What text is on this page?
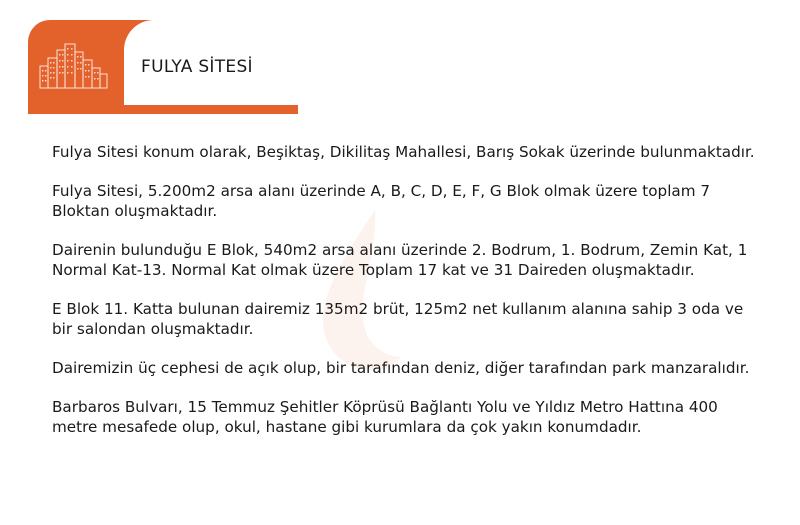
FULYA SİTESİ

Fulya Sitesi konum olarak, Beşiktaş, Dikilitaş Mahallesi, Barış Sokak üzerinde bulunmaktadır.

Fulya Sitesi, 5.200m2 arsa alanı üzerinde A, B, C, D, E, F, G Blok olmak üzere toplam 7 Bloktan oluşmaktadır.

Dairenin bulunduğu E Blok, 540m2 arsa alanı üzerinde 2. Bodrum, 1. Bodrum, Zemin Kat, 1 Normal Kat-13. Normal Kat olmak üzere Toplam 17 kat ve 31 Daireden oluşmaktadır.

E Blok 11. Katta bulunan dairemiz 135m2 brüt, 125m2 net kullanım alanına sahip 3 oda ve bir salondan oluşmaktadır.

Dairemizin üç cephesi de açık olup, bir tarafından deniz, diğer tarafından park manzaralıdır.

Barbaros Bulvarı, 15 Temmuz Şehitler Köprüsü Bağlantı Yolu ve Yıldız Metro Hattına 400 metre mesafede olup, okul, hastane gibi kurumlara da çok yakın konumdadır.
